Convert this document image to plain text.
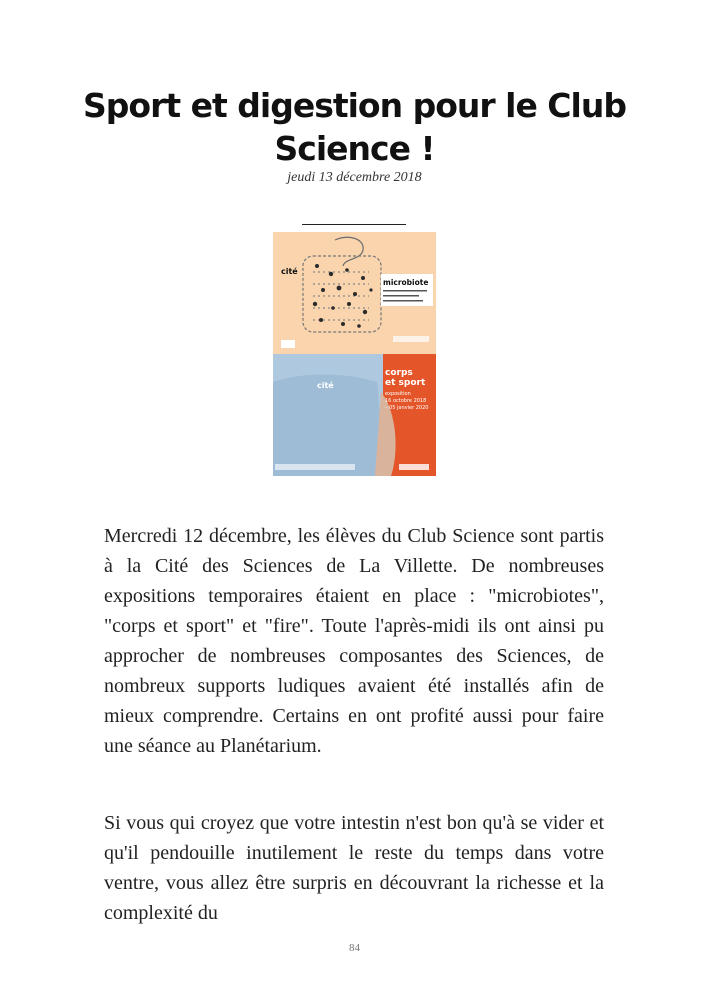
Sport et digestion pour le Club Science !
jeudi 13 décembre 2018
cité
microbiote
cité
corps
et sport
exposition
16 octobre 2018
– 05 janvier 2020

Mercredi 12 décembre, les élèves du Club Science sont partis à la Cité des Sciences de La Villette. De nombreuses expositions temporaires étaient en place : "microbiotes", "corps et sport" et "fire". Toute l'après-midi ils ont ainsi pu approcher de nombreuses composantes des Sciences, de nombreux supports ludiques avaient été installés afin de mieux comprendre. Certains en ont profité aussi pour faire une séance au Planétarium.

Si vous qui croyez que votre intestin n'est bon qu'à se vider et qu'il pendouille inutilement le reste du temps dans votre ventre, vous allez être surpris en découvrant la richesse et la complexité du

84
